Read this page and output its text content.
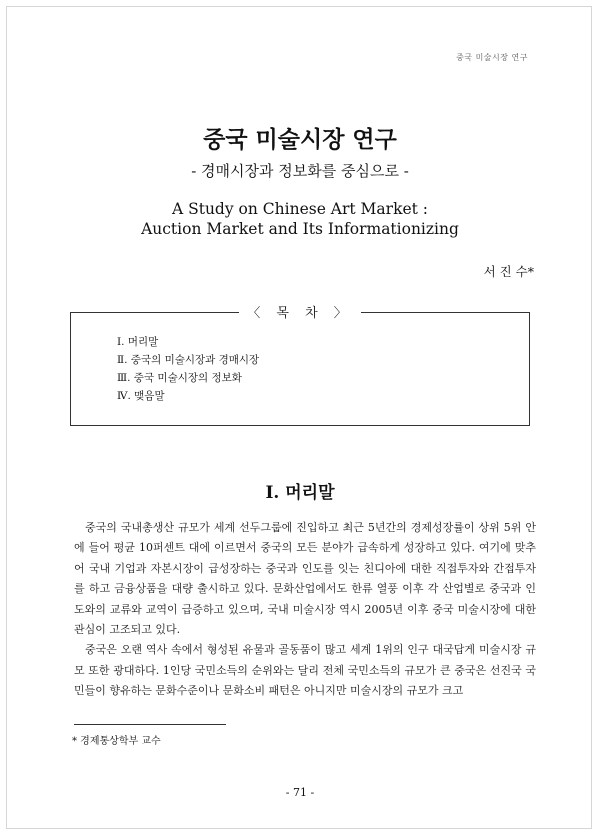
중국 미술시장 연구
중국 미술시장 연구
- 경매시장과 정보화를 중심으로 -
A Study on Chinese Art Market :
Auction Market and Its Informationizing
서 진 수*
〈 목 차 〉
Ⅰ. 머리말
Ⅱ. 중국의 미술시장과 경매시장
Ⅲ. 중국 미술시장의 정보화
Ⅳ. 맺음말
Ⅰ. 머리말

중국의 국내총생산 규모가 세계 선두그룹에 진입하고 최근 5년간의 경제성장률이 상위 5위 안에 들어 평균 10퍼센트 대에 이르면서 중국의 모든 분야가 급속하게 성장하고 있다. 여기에 맞추어 국내 기업과 자본시장이 급성장하는 중국과 인도를 잇는 친디아에 대한 직접투자와 간접투자를 하고 금융상품을 대량 출시하고 있다. 문화산업에서도 한류 열풍 이후 각 산업별로 중국과 인도와의 교류와 교역이 급증하고 있으며, 국내 미술시장 역시 2005년 이후 중국 미술시장에 대한 관심이 고조되고 있다.

중국은 오랜 역사 속에서 형성된 유물과 골동품이 많고 세계 1위의 인구 대국답게 미술시장 규모 또한 광대하다. 1인당 국민소득의 순위와는 달리 전체 국민소득의 규모가 큰 중국은 선진국 국민들이 향유하는 문화수준이나 문화소비 패턴은 아니지만 미술시장의 규모가 크고

* 경제통상학부 교수
- 71 -
